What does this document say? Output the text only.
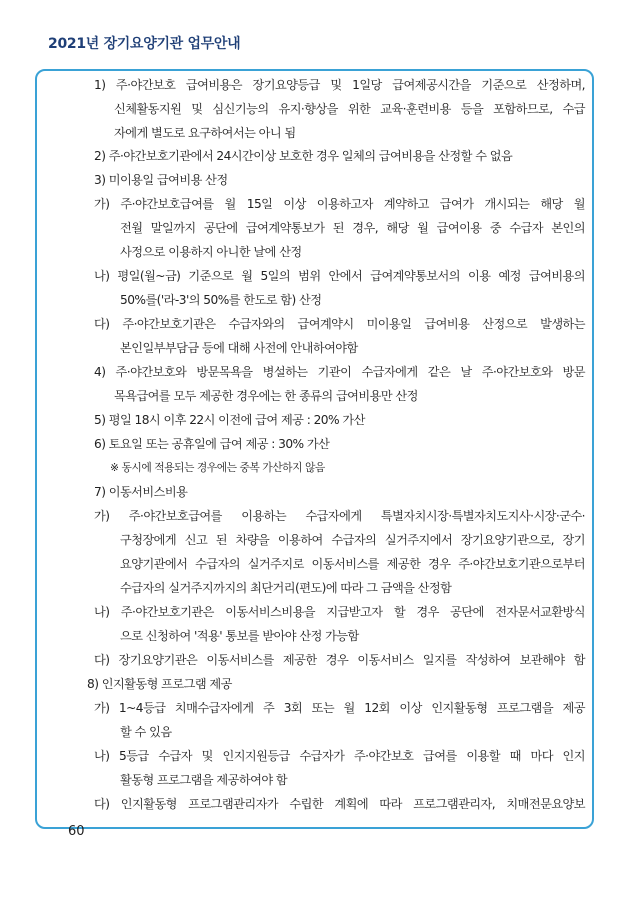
2021년 장기요양기관 업무안내
1) 주·야간보호 급여비용은 장기요양등급 및 1일당 급여제공시간을 기준으로 산정하며,
신체활동지원 및 심신기능의 유지·향상을 위한 교육·훈련비용 등을 포함하므로, 수급
자에게 별도로 요구하여서는 아니 됨
2) 주·야간보호기관에서 24시간이상 보호한 경우 일체의 급여비용을 산정할 수 없음
3) 미이용일 급여비용 산정
가) 주·야간보호급여를 월 15일 이상 이용하고자 계약하고 급여가 개시되는 해당 월
전월 말일까지 공단에 급여계약통보가 된 경우, 해당 월 급여이용 중 수급자 본인의
사정으로 이용하지 아니한 날에 산정
나) 평일(월~금) 기준으로 월 5일의 범위 안에서 급여계약통보서의 이용 예정 급여비용의
50%를('라-3'의 50%를 한도로 함) 산정
다) 주·야간보호기관은 수급자와의 급여계약시 미이용일 급여비용 산정으로 발생하는
본인일부부담금 등에 대해 사전에 안내하여야함
4) 주·야간보호와 방문목욕을 병설하는 기관이 수급자에게 같은 날 주·야간보호와 방문
목욕급여를 모두 제공한 경우에는 한 종류의 급여비용만 산정
5) 평일 18시 이후 22시 이전에 급여 제공 : 20% 가산
6) 토요일 또는 공휴일에 급여 제공 : 30% 가산
※ 동시에 적용되는 경우에는 중복 가산하지 않음
7) 이동서비스비용
가) 주·야간보호급여를 이용하는 수급자에게 특별자치시장·특별자치도지사·시장·군수·
구청장에게 신고 된 차량을 이용하여 수급자의 실거주지에서 장기요양기관으로, 장기
요양기관에서 수급자의 실거주지로 이동서비스를 제공한 경우 주·야간보호기관으로부터
수급자의 실거주지까지의 최단거리(편도)에 따라 그 금액을 산정함
나) 주·야간보호기관은 이동서비스비용을 지급받고자 할 경우 공단에 전자문서교환방식
으로 신청하여 '적용' 통보를 받아야 산정 가능함
다) 장기요양기관은 이동서비스를 제공한 경우 이동서비스 일지를 작성하여 보관해야 함
8) 인지활동형 프로그램 제공
가) 1~4등급 치매수급자에게 주 3회 또는 월 12회 이상 인지활동형 프로그램을 제공
할 수 있음
나) 5등급 수급자 및 인지지원등급 수급자가 주·야간보호 급여를 이용할 때 마다 인지
활동형 프로그램을 제공하여야 함
다) 인지활동형 프로그램관리자가 수립한 계획에 따라 프로그램관리자, 치매전문요양보
60
